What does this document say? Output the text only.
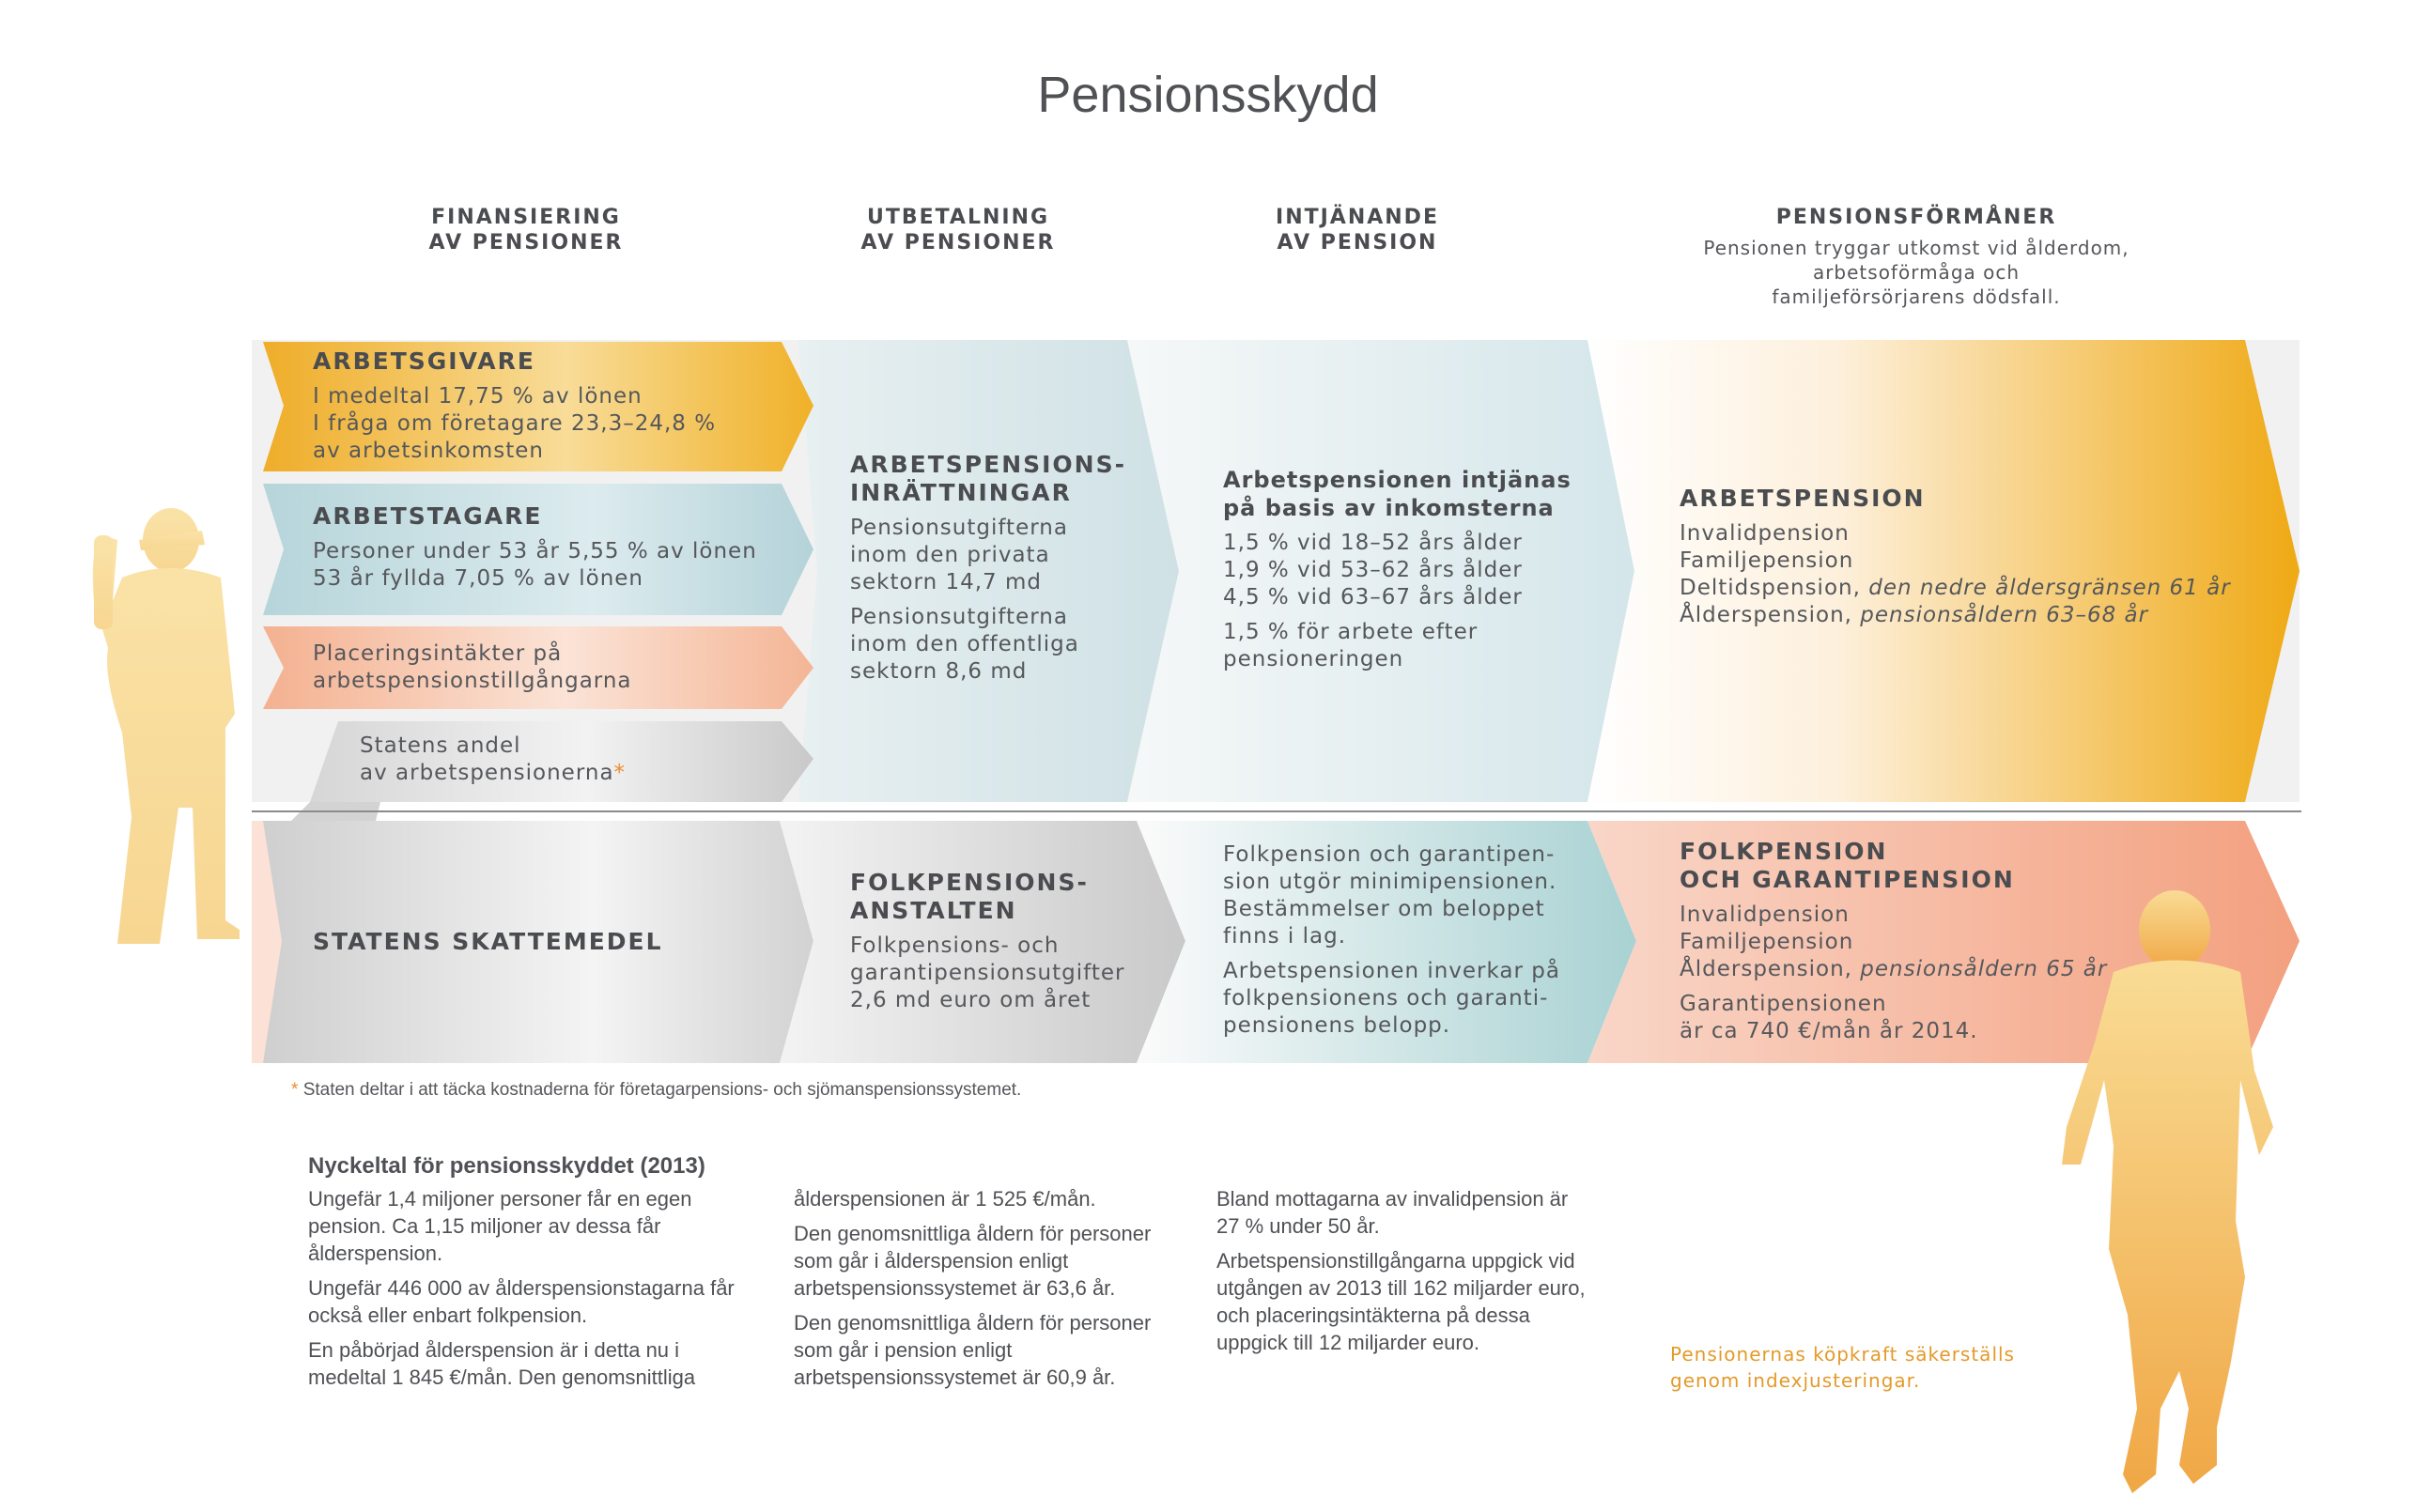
Pensionsskydd
FINANSIERING
AV PENSIONER
UTBETALNING
AV PENSIONER
INTJÄNANDE
AV PENSION
PENSIONSFÖRMÅNER
Pensionen tryggar utkomst vid ålderdom,
arbetsoförmåga och
familjeförsörjarens dödsfall.
ARBETSGIVARE
I medeltal 17,75 % av lönen
I fråga om företagare 23,3–24,8 %
av arbetsinkomsten
ARBETSTAGARE
Personer under 53 år 5,55 % av lönen
53 år fyllda 7,05 % av lönen
Placeringsintäkter på
arbetspensionstillgångarna
Statens andel
av arbetspensionerna*
ARBETSPENSIONS-
INRÄTTNINGAR
Pensionsutgifterna
inom den privata
sektorn 14,7 md
Pensionsutgifterna
inom den offentliga
sektorn 8,6 md
Arbetspensionen intjänas
på basis av inkomsterna
1,5 % vid 18–52 års ålder
1,9 % vid 53–62 års ålder
4,5 % vid 63–67 års ålder
1,5 % för arbete efter
pensioneringen
ARBETSPENSION
Invalidpension
Familjepension
Deltidspension, den nedre åldersgränsen 61 år
Ålderspension, pensionsåldern 63–68 år
STATENS SKATTEMEDEL
FOLKPENSIONS-
ANSTALTEN
Folkpensions- och
garantipensionsutgifter
2,6 md euro om året
Folkpension och garantipen-
sion utgör minimipensionen.
Bestämmelser om beloppet
finns i lag.
Arbetspensionen inverkar på
folkpensionens och garanti-
pensionens belopp.
FOLKPENSION
OCH GARANTIPENSION
Invalidpension
Familjepension
Ålderspension, pensionsåldern 65 år
Garantipensionen
är ca 740 €/mån år 2014.
* Staten deltar i att täcka kostnaderna för företagarpensions- och sjömanspensionssystemet.
Nyckeltal för pensionsskyddet (2013)

Ungefär 1,4 miljoner personer får en egen pension. Ca 1,15 miljoner av dessa får ålderspension.

Ungefär 446 000 av ålderspensionstagarna får också eller enbart folkpension.

En påbörjad ålderspension är i detta nu i medeltal 1 845 €/mån. Den genomsnittliga

ålderspensionen är 1 525 €/mån.

Den genomsnittliga åldern för personer som går i ålderspension enligt arbetspensionssystemet är 63,6 år.

Den genomsnittliga åldern för personer som går i pension enligt arbetspensionssystemet är 60,9 år.

Bland mottagarna av invalidpension är 27 % under 50 år.

Arbetspensionstillgångarna uppgick vid utgången av 2013 till 162 miljarder euro, och placeringsintäkterna på dessa uppgick till 12 miljarder euro.	Pensionernas köpkraft säkerställs
genom indexjusteringar.
